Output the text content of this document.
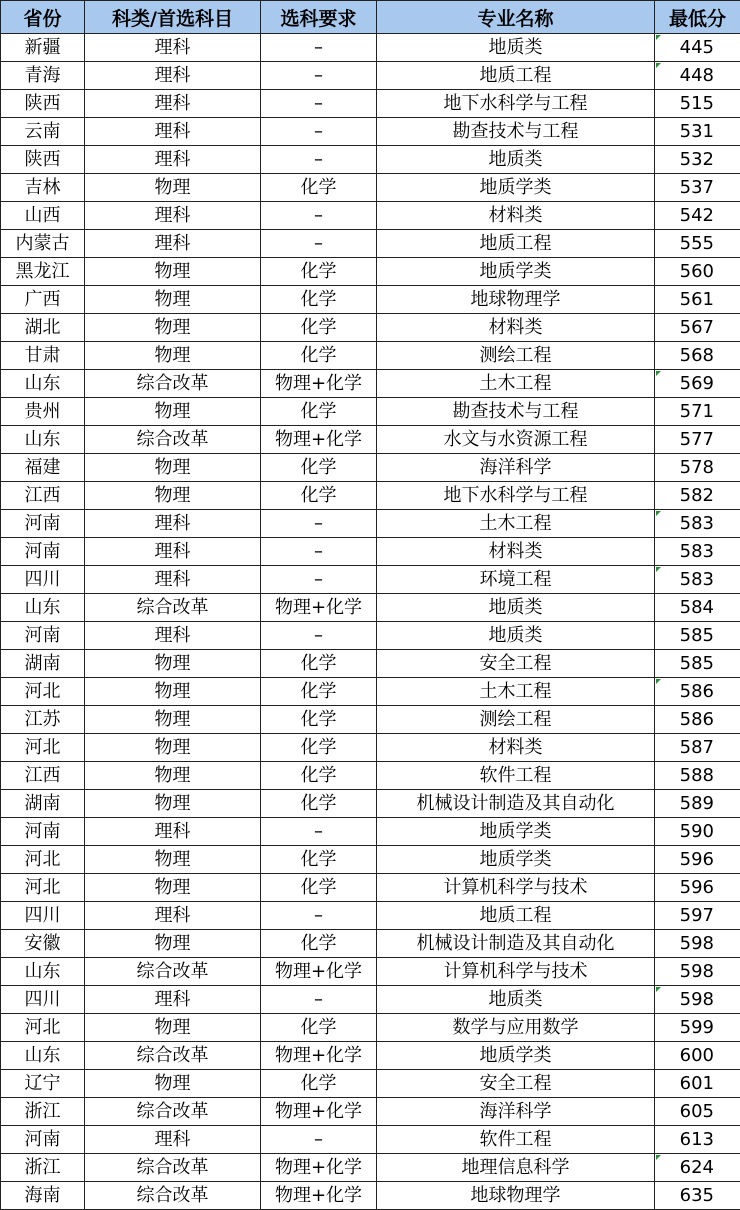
省份	科类/首选科目	选科要求	专业名称	最低分
新疆	理科	–	地质类	445
青海	理科	–	地质工程	448
陕西	理科	–	地下水科学与工程	515
云南	理科	–	勘查技术与工程	531
陕西	理科	–	地质类	532
吉林	物理	化学	地质学类	537
山西	理科	–	材料类	542
内蒙古	理科	–	地质工程	555
黑龙江	物理	化学	地质学类	560
广西	物理	化学	地球物理学	561
湖北	物理	化学	材料类	567
甘肃	物理	化学	测绘工程	568
山东	综合改革	物理+化学	土木工程	569
贵州	物理	化学	勘查技术与工程	571
山东	综合改革	物理+化学	水文与水资源工程	577
福建	物理	化学	海洋科学	578
江西	物理	化学	地下水科学与工程	582
河南	理科	–	土木工程	583
河南	理科	–	材料类	583
四川	理科	–	环境工程	583
山东	综合改革	物理+化学	地质类	584
河南	理科	–	地质类	585
湖南	物理	化学	安全工程	585
河北	物理	化学	土木工程	586
江苏	物理	化学	测绘工程	586
河北	物理	化学	材料类	587
江西	物理	化学	软件工程	588
湖南	物理	化学	机械设计制造及其自动化	589
河南	理科	–	地质学类	590
河北	物理	化学	地质学类	596
河北	物理	化学	计算机科学与技术	596
四川	理科	–	地质工程	597
安徽	物理	化学	机械设计制造及其自动化	598
山东	综合改革	物理+化学	计算机科学与技术	598
四川	理科	–	地质类	598
河北	物理	化学	数学与应用数学	599
山东	综合改革	物理+化学	地质学类	600
辽宁	物理	化学	安全工程	601
浙江	综合改革	物理+化学	海洋科学	605
河南	理科	–	软件工程	613
浙江	综合改革	物理+化学	地理信息科学	624
海南	综合改革	物理+化学	地球物理学	635
